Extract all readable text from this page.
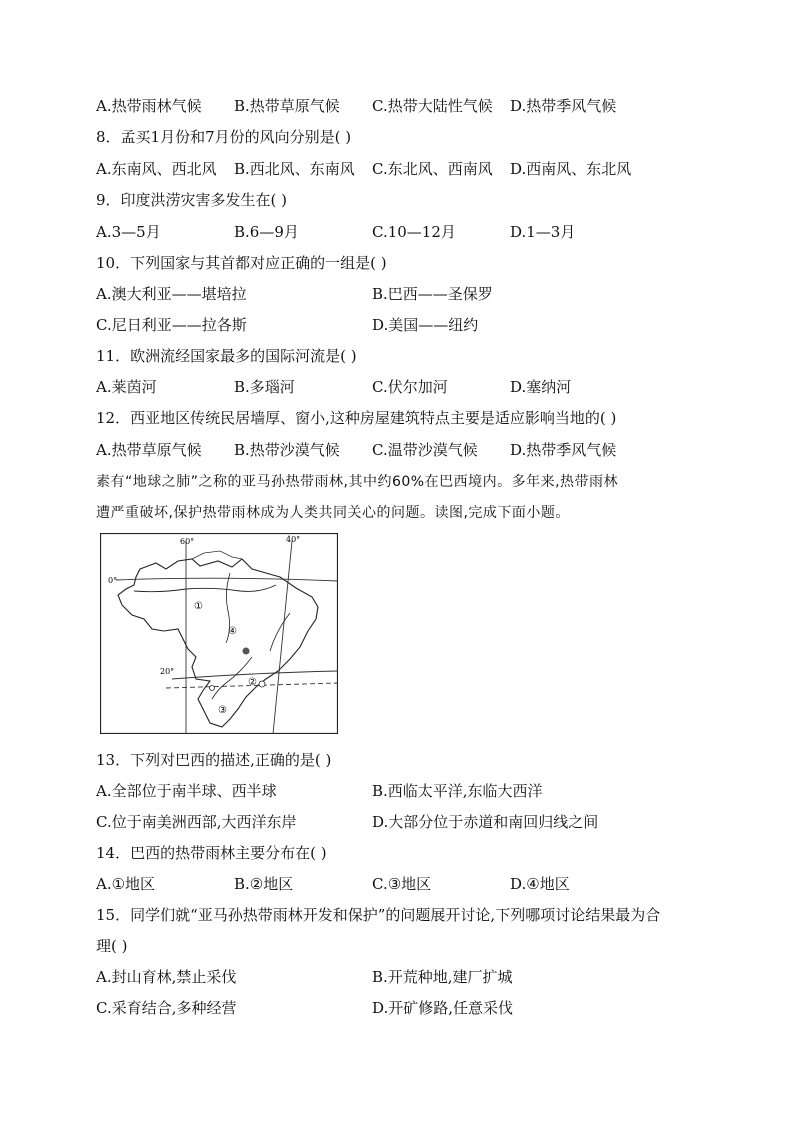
A.热带雨林气候 B.热带草原气候 C.热带大陆性气候 D.热带季风气候
8．孟买1月份和7月份的风向分别是( )
A.东南风、西北风 B.西北风、东南风 C.东北风、西南风 D.西南风、东北风
9．印度洪涝灾害多发生在( )
A.3—5月	B.6—9月	C.10—12月	D.1—3月
10．下列国家与其首都对应正确的一组是( )
A.澳大利亚——堪培拉	B.巴西——圣保罗
C.尼日利亚——拉各斯	D.美国——纽约
11．欧洲流经国家最多的国际河流是( )
A.莱茵河	B.多瑙河	C.伏尔加河	D.塞纳河
12．西亚地区传统民居墙厚、窗小,这种房屋建筑特点主要是适应影响当地的( )
A.热带草原气候 B.热带沙漠气候 C.温带沙漠气候 D.热带季风气候
素有“地球之肺”之称的亚马孙热带雨林,其中约60%在巴西境内。多年来,热带雨林
遭严重破坏,保护热带雨林成为人类共同关心的问题。读图,完成下面小题。
60°	40°
0°
20°
①
②
③
④
13．下列对巴西的描述,正确的是( )
A.全部位于南半球、西半球	B.西临太平洋,东临大西洋
C.位于南美洲西部,大西洋东岸	D.大部分位于赤道和南回归线之间
14．巴西的热带雨林主要分布在( )
A.①地区	B.②地区	C.③地区	D.④地区
15．同学们就“亚马孙热带雨林开发和保护”的问题展开讨论,下列哪项讨论结果最为合
理( )
A.封山育林,禁止采伐	B.开荒种地,建厂扩城
C.采育结合,多种经营	D.开矿修路,任意采伐
